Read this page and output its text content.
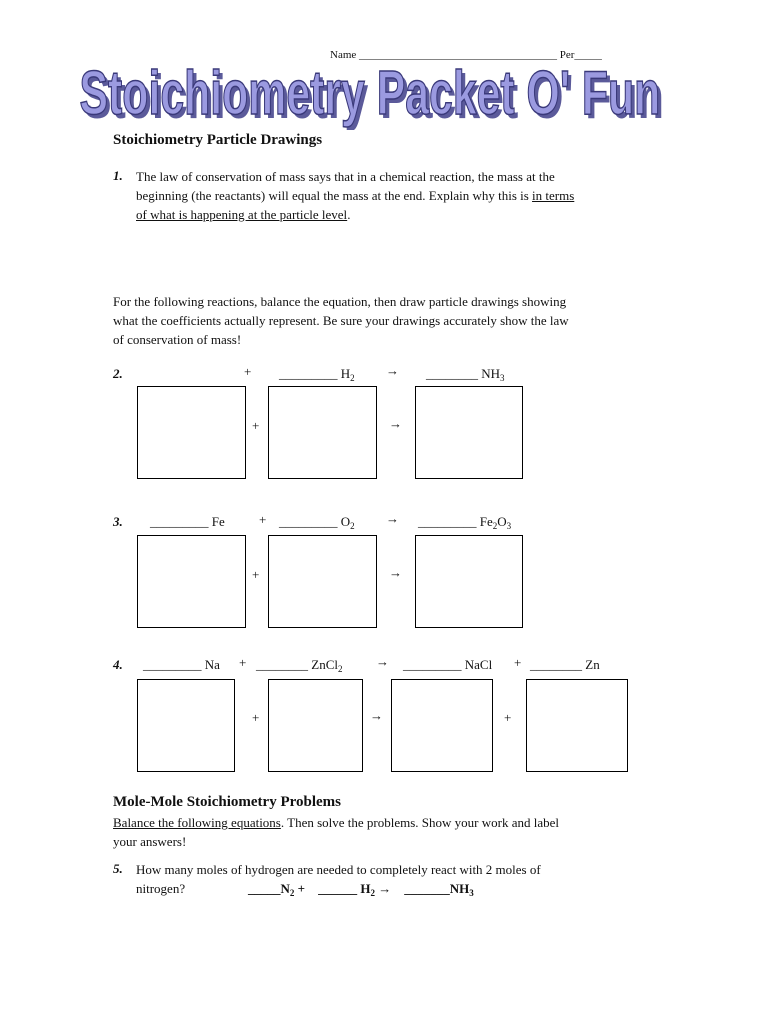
Name ____________________________________ Per_____
Stoichiometry Packet O' Fun
Stoichiometry Packet O' Fun
Stoichiometry Particle Drawings
1. The law of conservation of mass says that in a chemical reaction, the mass at the
beginning (the reactants) will equal the mass at the end. Explain why this is in terms
of what is happening at the particle level.
For the following reactions, balance the equation, then draw particle drawings showing
what the coefficients actually represent. Be sure your drawings accurately show the law
of conservation of mass!
2.

	+ _________ $H_2$ → ________ $NH_3$
+	→
3. _________ Fe	+ _________ $O_2$ → _________ $Fe_2O_3$
+	→
4. _________ Na + ________ ZnCl$_2$	→ _________ NaCl + ________ Zn
+	→	+
Mole-Mole Stoichiometry Problems
Balance the following equations. Then solve the problems. Show your work and label
your answers!
5. How many moles of hydrogen are needed to completely react with 2 moles of
nitrogen?	$\_\_\_\_\_N_2$ + ______ $H_2$ → $\_\_\_\_\_\_\_NH_3$
